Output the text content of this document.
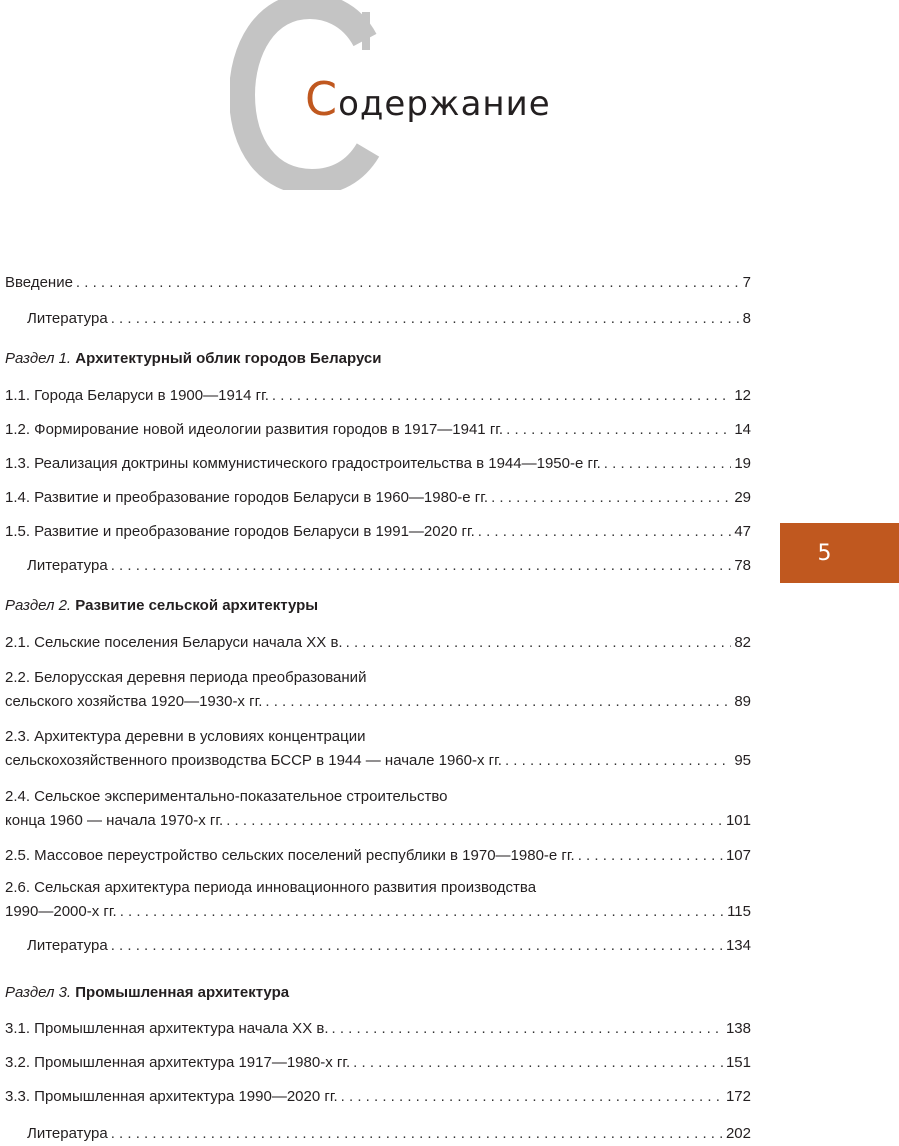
Содержание
Введение . . .	7
Литература . . .	8
Раздел 1. Архитектурный облик городов Беларуси
1.1. Города Беларуси в 1900—1914 гг. . . .	12
1.2. Формирование новой идеологии развития городов в 1917—1941 гг. . . .	14
1.3. Реализация доктрины коммунистического градостроительства в 1944—1950-е гг. . . .	19
1.4. Развитие и преобразование городов Беларуси в 1960—1980-е гг. . . .	29
1.5. Развитие и преобразование городов Беларуси в 1991—2020 гг. . . .	47
Литература . . .	78
Раздел 2. Развитие сельской архитектуры
2.1. Сельские поселения Беларуси начала XX в. . . .	82
2.2. Белорусская деревня периода преобразований
сельского хозяйства 1920—1930-х гг. . . .	89
2.3. Архитектура деревни в условиях концентрации
сельскохозяйственного производства БССР в 1944 — начале 1960-х гг. . . .	95
2.4. Сельское экспериментально-показательное строительство
конца 1960 — начала 1970-х гг. . . .	101
2.5. Массовое переустройство сельских поселений республики в 1970—1980-е гг. . . .	107
2.6. Сельская архитектура периода инновационного развития производства
1990—2000-х гг. . . .	115
Литература . . .	134
Раздел 3. Промышленная архитектура
3.1. Промышленная архитектура начала XX в. . . .	138
3.2. Промышленная архитектура 1917—1980-х гг. . . .	151
3.3. Промышленная архитектура 1990—2020 гг. . . .	172
Литература . . .	202
5
